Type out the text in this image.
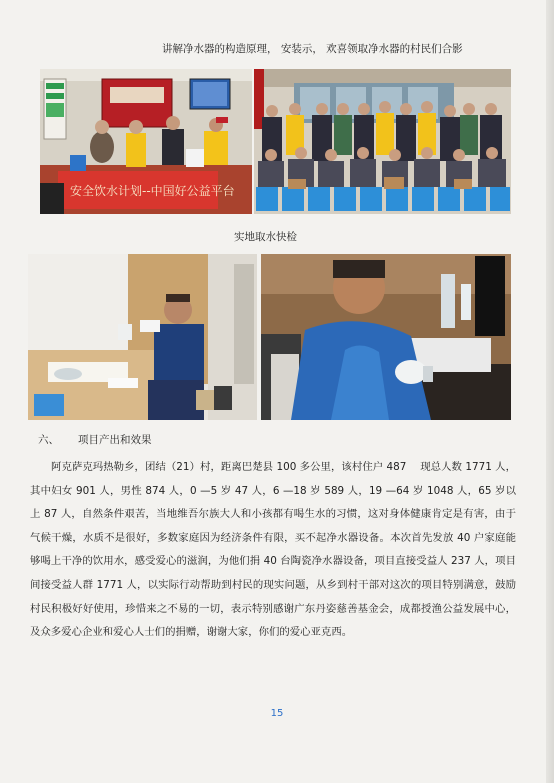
讲解净水器的构造原理， 安装示， 欢喜领取净水器的村民们合影
安全饮水计划--中国好公益平台
实地取水快检
六、 项目产出和效果

阿克萨克玛热勒乡，团结（21）村，距离巴楚县 100 多公里，该村住户 487　 现总人数 1771 人，其中妇女 901 人，男性 874 人，0 —5 岁 47 人，6 —18 岁 589 人，19 —64 岁 1048 人，65 岁以上 87 人，自然条件艰苦，当地维吾尔族大人和小孩都有喝生水的习惯，这对身体健康肯定是有害，由于气候干燥，水质不是很好，多数家庭因为经济条件有限，买不起净水器设备。本次首先发放 40 户家庭能够喝上干净的饮用水，感受爱心的滋润，为他们捐 40 台陶瓷净水器设备，项目直接受益人 237 人，项目间接受益人群 1771 人，以实际行动帮助到村民的现实问题，从乡到村干部对这次的项目特别满意，鼓励村民积极好好使用，珍惜来之不易的一切，表示特别感谢广东丹姿慈善基金会，成都授渔公益发展中心，及众多爱心企业和爱心人士们的捐赠，谢谢大家，你们的爱心亚克西。

15
